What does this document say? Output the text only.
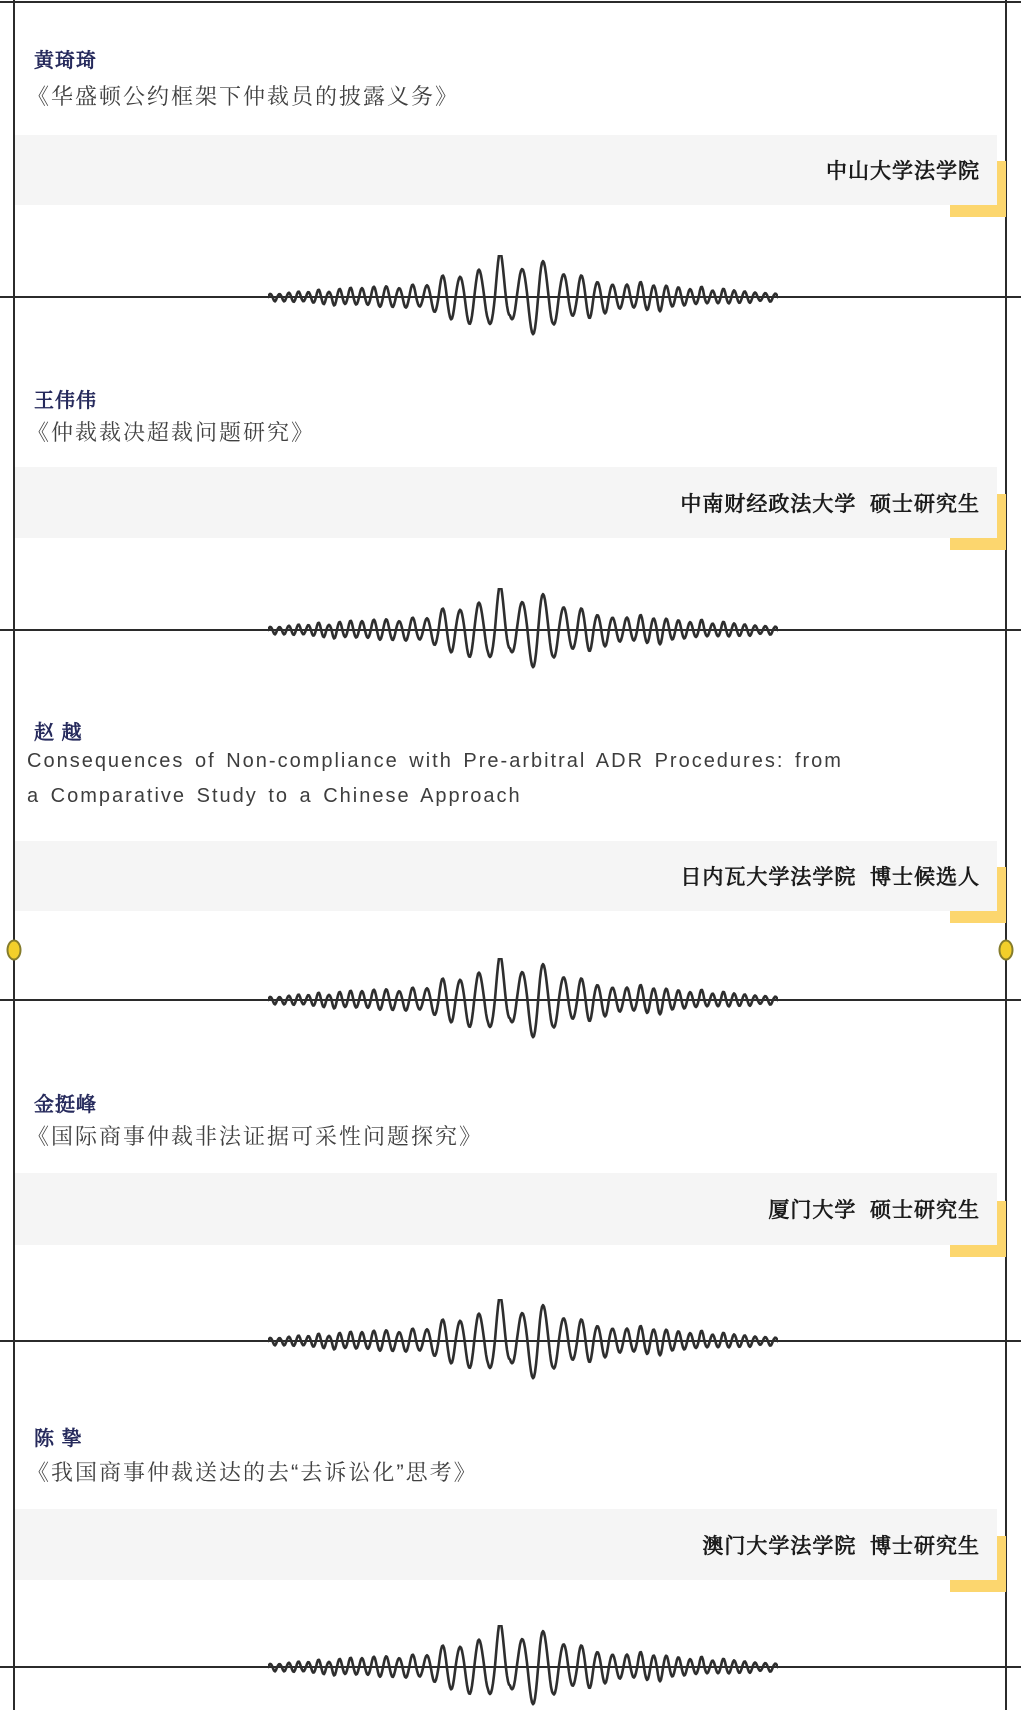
黄琦琦
《华盛顿公约框架下仲裁员的披露义务》
中山大学法学院
王伟伟
《仲裁裁决超裁问题研究》
中南财经政法大学  硕士研究生
赵 越
Consequences of Non-compliance with Pre-arbitral ADR Procedures: from
a Comparative Study to a Chinese Approach
日内瓦大学法学院  博士候选人
金挺峰
《国际商事仲裁非法证据可采性问题探究》
厦门大学  硕士研究生
陈 挚
《我国商事仲裁送达的去“去诉讼化”思考》
澳门大学法学院  博士研究生
